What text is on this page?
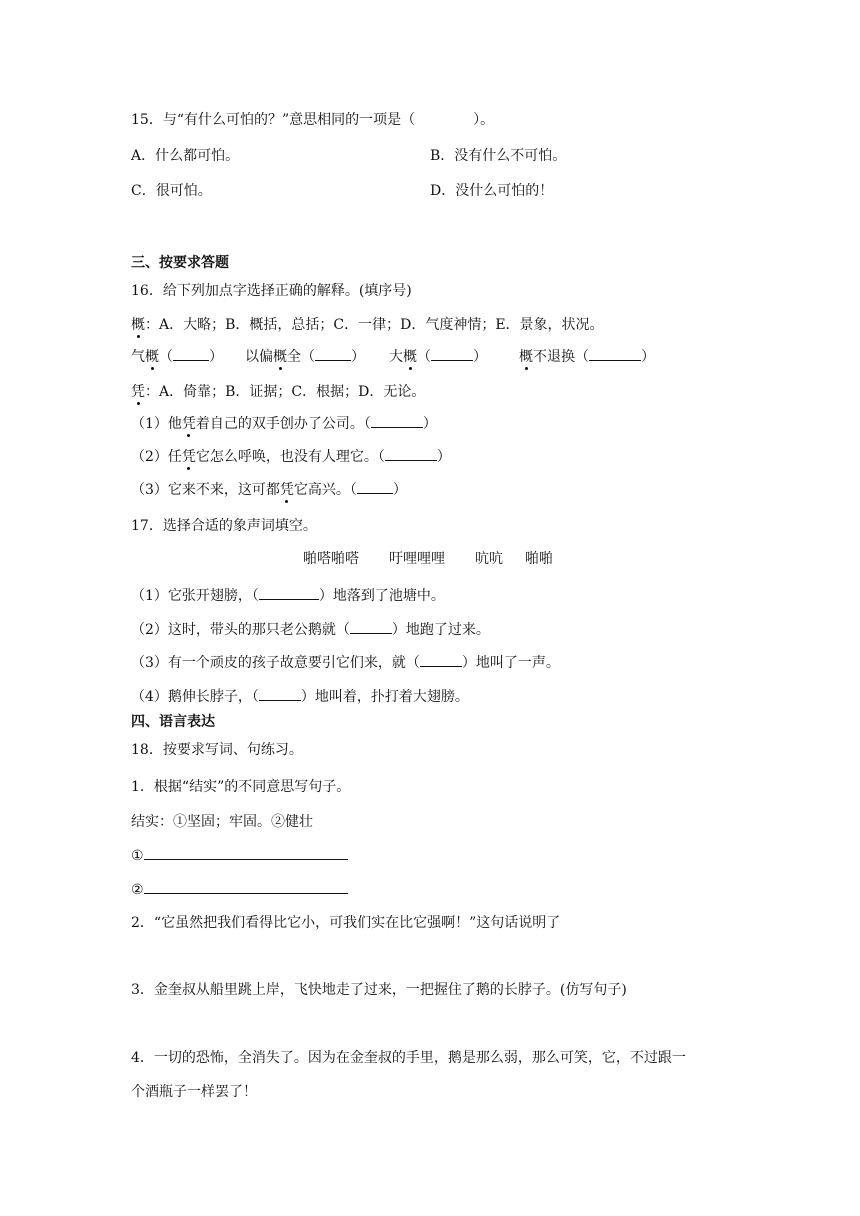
15．与“有什么可怕的？”意思相同的一项是（	）。
A．什么都可怕。	B．没有什么不可怕。
C．很可怕。	D．没什么可怕的！
三、按要求答题
16．给下列加点字选择正确的解释。(填序号)
概：A．大略；B．概括，总括；C．一律；D．气度神情；E．景象，状况。
气概（	） 以偏概全（	） 大概（	） 概不退换（	）
凭：A．倚靠；B．证据；C．根据；D．无论。
（1）他凭着自己的双手创办了公司。（	）
（2）任凭它怎么呼唤，也没有人理它。（	）
（3）它来不来，这可都凭它高兴。（	）
17．选择合适的象声词填空。
啪嗒啪嗒 吁哩哩哩 吭吭 啪啪
（1）它张开翅膀，（	）地落到了池塘中。
（2）这时，带头的那只老公鹅就（	）地跑了过来。
（3）有一个顽皮的孩子故意要引它们来，就（	）地叫了一声。
（4）鹅伸长脖子，（	）地叫着，扑打着大翅膀。
四、语言表达
18．按要求写词、句练习。
1．根据“结实”的不同意思写句子。
结实：①坚固；牢固。②健壮
①
②
2．“它虽然把我们看得比它小，可我们实在比它强啊！”这句话说明了
3．金奎叔从船里跳上岸，飞快地走了过来，一把握住了鹅的长脖子。(仿写句子)
4．一切的恐怖，全消失了。因为在金奎叔的手里，鹅是那么弱，那么可笑，它，不过跟一
个酒瓶子一样罢了！
